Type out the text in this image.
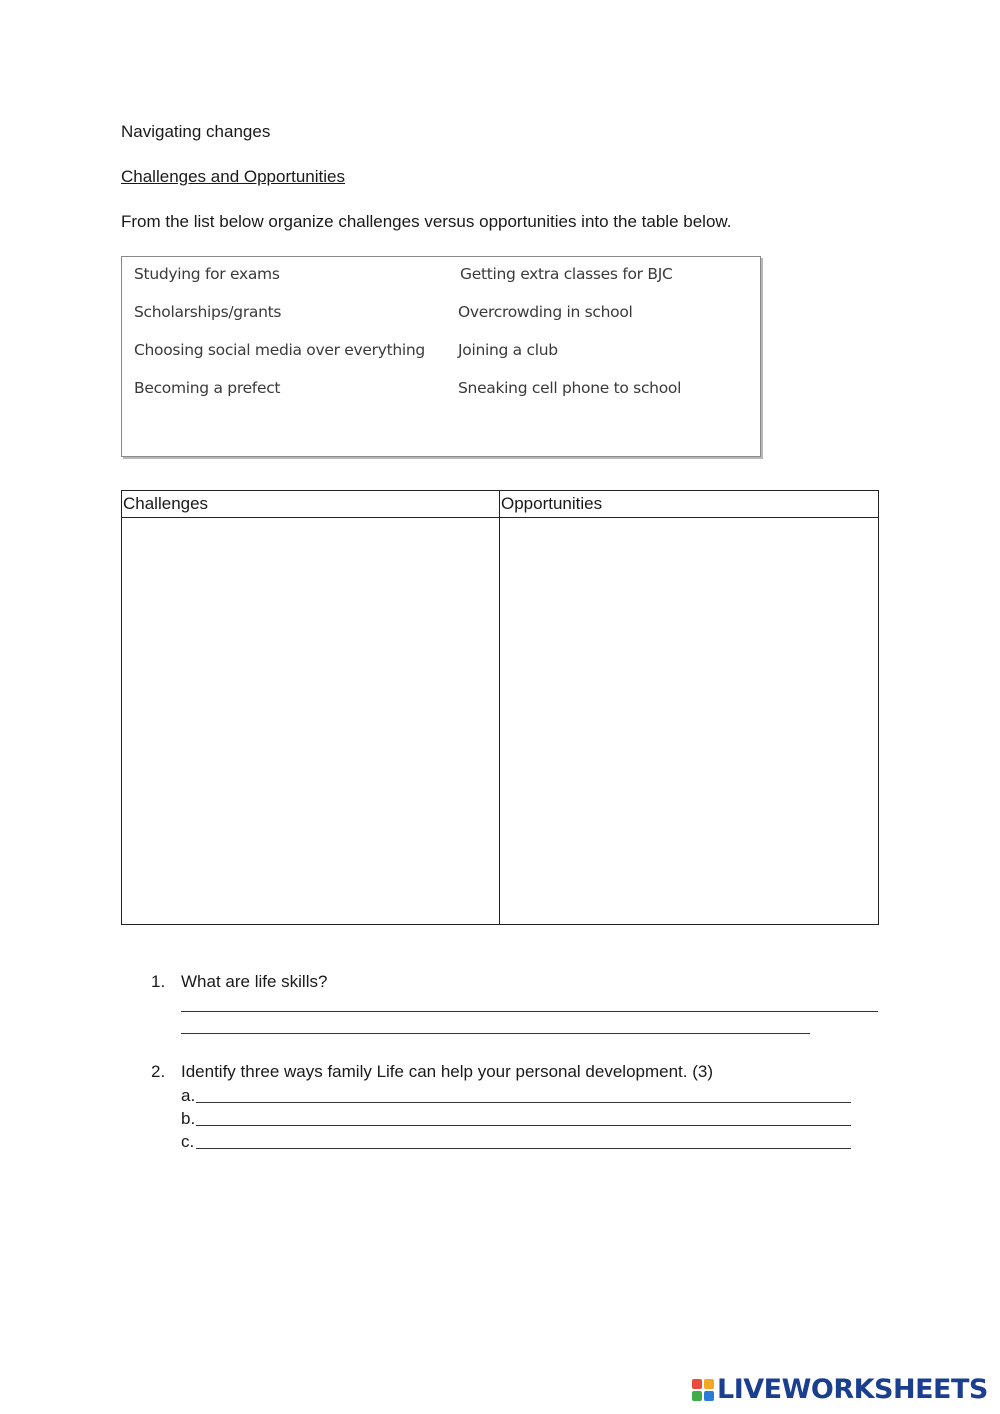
Navigating changes
Challenges and Opportunities
From the list below organize challenges versus opportunities into the table below.
Studying for exams
Scholarships/grants
Choosing social media over everything
Becoming a prefect
Getting extra classes for BJC
Overcrowding in school
Joining a club
Sneaking cell phone to school
Challenges	Opportunities
1. What are life skills?
2. Identify three ways family Life can help your personal development. (3)
a.
b.
c.
LIVEWORKSHEETS
